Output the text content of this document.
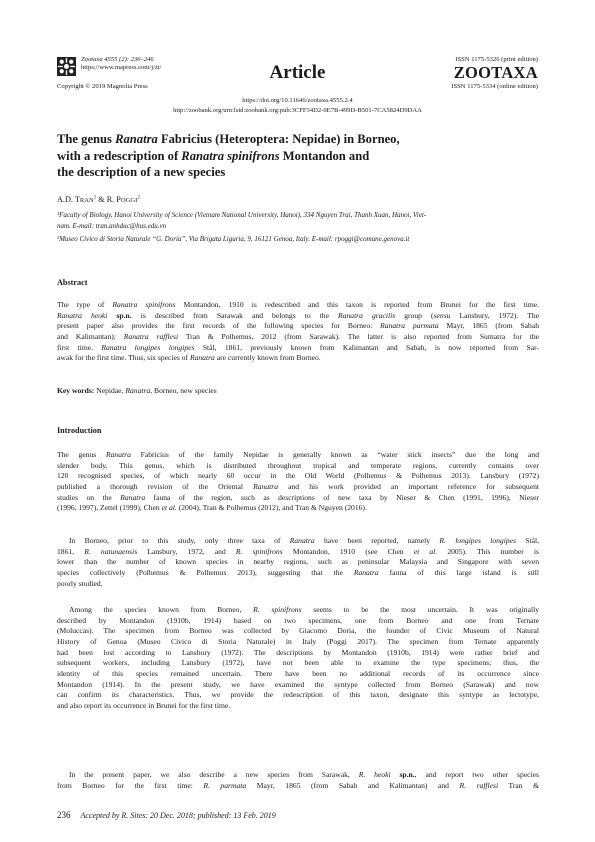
Zootaxa 4555 (2): 236–246
https://www.mapress.com/j/zt/
Copyright © 2019 Magnolia Press
Article
ISSN 1175-5326 (print edition)
ZOOTAXA
ISSN 1175-5334 (online edition)
https://doi.org/10.11646/zootaxa.4555.2.4
http://zoobank.org/urn:lsid:zoobank.org:pub:3CFF34D2-0E7B-499D-B501-7CA5824D9DAA
The genus Ranatra Fabricius (Heteroptera: Nepidae) in Borneo,
with a redescription of Ranatra spinifrons Montandon and
the description of a new species
A.D. TRAN$^1$ & R. POGGI$^2$
¹Faculty of Biology, Hanoi University of Science (Vietnam National University, Hanoi), 334 Nguyen Trai, Thanh Xuan, Hanoi, Viet-
nam. E-mail: tran.anhduc@hus.edu.vn
²Museo Civico di Storia Naturale “G. Doria”, Via Brigata Liguria, 9, 16121 Genoa, Italy. E-mail: rpoggi@comune.genova.it
Abstract
The type of Ranatra spinifrons Montandon, 1910 is redescribed and this taxon is reported from Brunei for the first time.
Ranatra heoki sp.n. is described from Sarawak and belongs to the Ranatra gracilis group (sensu Lansbury, 1972). The
present paper also provides the first records of the following species for Borneo: Ranatra parmata Mayr, 1865 (from Sabah
and Kalimantan); Ranatra rafflesi Tran & Polhemus, 2012 (from Sarawak). The latter is also reported from Sumatra for the
first time. Ranatra longipes longipes Stål, 1861, previously known from Kalimantan and Sabah, is now reported from Sar-
awak for the first time. Thus, six species of Ranatra are currently known from Borneo.
Key words: Nepidae, Ranatra, Borneo, new species
Introduction
The genus Ranatra Fabricius of the family Nepidae is generally known as “water stick insects” due the long and
slender body. This genus, which is distributed throughout tropical and temperate regions, currently contains over
120 recognised species, of which nearly 60 occur in the Old World (Polhemus & Polhemus 2013). Lansbury (1972)
published a thorough revision of the Oriental Ranatra and his work provided an important reference for subsequent
studies on the Ranatra fauna of the region, such as descriptions of new taxa by Nieser & Chen (1991, 1996), Nieser
(1996, 1997), Zettel (1999), Chen et al. (2004), Tran & Polhemus (2012), and Tran & Nguyen (2016).
In Borneo, prior to this study, only three taxa of Ranatra have been reported, namely R. longipes longipes Stål,
1861, R. natunaensis Lansbury, 1972, and R. spinifrons Montandon, 1910 (see Chen et al. 2005). This number is
lower than the number of known species in nearby regions, such as peninsular Malaysia and Singapore with seven
species collectively (Polhemus & Polhemus 2013), suggesting that the Ranatra fauna of this large island is still
poorly studied.
Among the species known from Borneo, R. spinifrons seems to be the most uncertain. It was originally
described by Montandon (1910b, 1914) based on two specimens, one from Borneo and one from Ternate
(Moluccas). The specimen from Borneo was collected by Giacomo Doria, the founder of Civic Museum of Natural
History of Genoa (Museo Civico di Storia Naturale) in Italy (Poggi 2017). The specimen from Ternate apparently
had been lost according to Lansbury (1972). The descriptions by Montandon (1910b, 1914) were rather brief and
subsequent workers, including Lansbury (1972), have not been able to examine the type specimens; thus, the
identity of this species remained uncertain. There have been no additional records of its occurrence since
Montandon (1914). In the present study, we have examined the syntype collected from Borneo (Sarawak) and now
can confirm its characteristics. Thus, we provide the redescription of this taxon, designate this syntype as lectotype,
and also report its occurrence in Brunei for the first time.
In the present paper, we also describe a new species from Sarawak, R. heoki sp.n., and report two other species
from Borneo for the first time: R. parmata Mayr, 1865 (from Sabah and Kalimantan) and R. rafflesi Tran &
236 Accepted by R. Sites: 20 Dec. 2018; published: 13 Feb. 2019
